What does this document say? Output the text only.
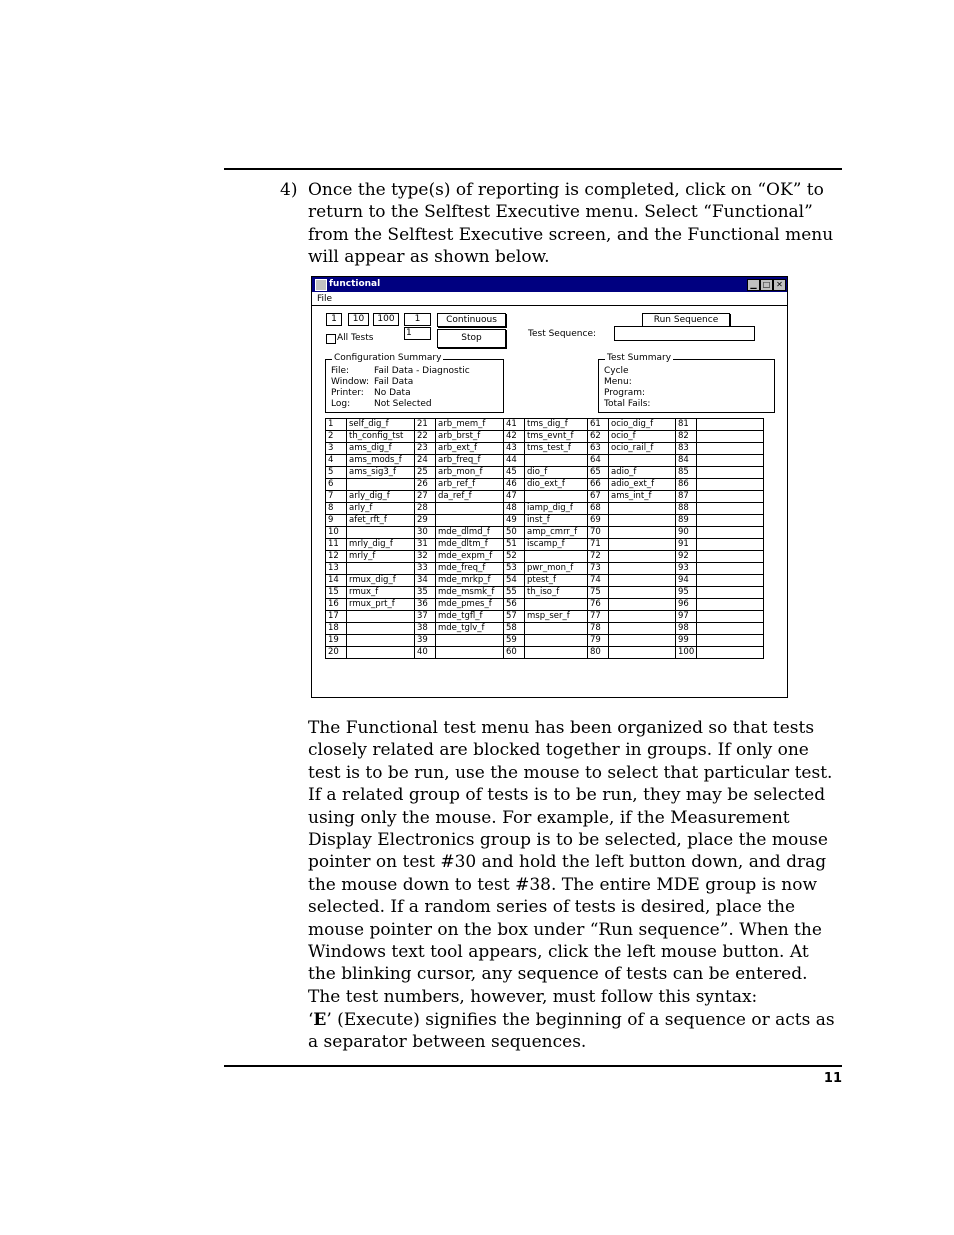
4) Once the type(s) of reporting is completed, click on “OK” to return to the Selftest Executive menu. Select “Functional” from the Selftest Executive screen, and the Functional menu will appear as shown below.
functional	▁ □ ✕
File
1	10	100	1
1
Continuous
Stop
All Tests
Run Sequence
Test Sequence:
Configuration Summary
File:	Fail Data - Diagnostic
Window: Fail Data
Printer: No Data
Log:	Not Selected
Test Summary
Cycle
Menu:
Program:
Total Fails:
1	self_dig_f	21	arb_mem_f	41	tms_dig_f	61	ocio_dig_f	81	
2	th_config_tst	22	arb_brst_f	42	tms_evnt_f	62	ocio_f	82	
3	ams_dig_f	23	arb_ext_f	43	tms_test_f	63	ocio_rail_f	83	
4	ams_mods_f	24	arb_freq_f	44		64		84	
5	ams_sig3_f	25	arb_mon_f	45	dio_f	65	adio_f	85	
6		26	arb_ref_f	46	dio_ext_f	66	adio_ext_f	86	
7	arly_dig_f	27	da_ref_f	47		67	ams_int_f	87	
8	arly_f	28		48	iamp_dig_f	68		88	
9	afet_rft_f	29		49	inst_f	69		89	
10		30	mde_dlmd_f	50	amp_cmrr_f	70		90	
11	mrly_dig_f	31	mde_dltm_f	51	iscamp_f	71		91	
12	mrly_f	32	mde_expm_f	52		72		92	
13		33	mde_freq_f	53	pwr_mon_f	73		93	
14	rmux_dig_f	34	mde_mrkp_f	54	ptest_f	74		94	
15	rmux_f	35	mde_msmk_f	55	th_iso_f	75		95	
16	rmux_prt_f	36	mde_pmes_f	56		76		96	
17		37	mde_tgfl_f	57	msp_ser_f	77		97	
18		38	mde_tglv_f	58		78		98	
19		39		59		79		99	
20		40		60		80		100	
The Functional test menu has been organized so that tests closely related are blocked together in groups. If only one test is to be run, use the mouse to select that particular test. If a related group of tests is to be run, they may be selected using only the mouse. For example, if the Measurement Display Electronics group is to be selected, place the mouse pointer on test #30 and hold the left button down, and drag the mouse down to test #38. The entire MDE group is now selected. If a random series of tests is desired, place the mouse pointer on the box under “Run sequence”. When the Windows text tool appears, click the left mouse button. At the blinking cursor, any sequence of tests can be entered. The test numbers, however, must follow this syntax:
‘E’ (Execute) signifies the beginning of a sequence or acts as a separator between sequences.
11
